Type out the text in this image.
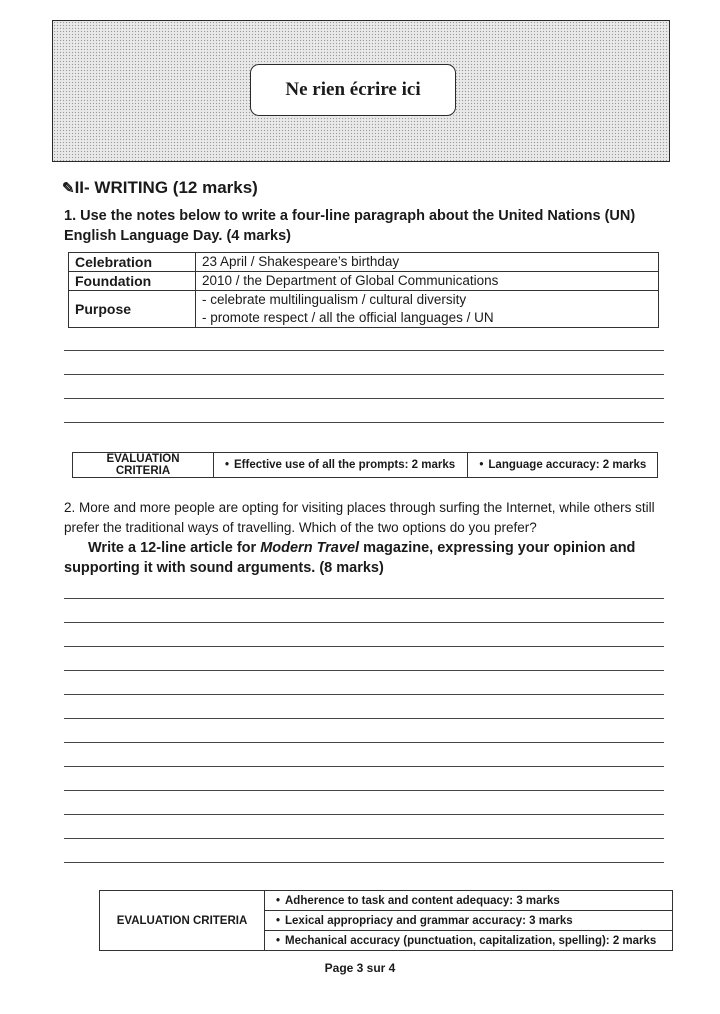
Ne rien écrire ici
✎II- WRITING (12 marks)
1. Use the notes below to write a four-line paragraph about the United Nations (UN) English Language Day. (4 marks)
Celebration	23 April / Shakespeare’s birthday
Foundation	2010 / the Department of Global Communications
Purpose	- celebrate multilingualism / cultural diversity
- promote respect / all the official languages / UN
EVALUATION CRITERIA	• Effective use of all the prompts: 2 marks	• Language accuracy: 2 marks
2. More and more people are opting for visiting places through surfing the Internet, while others still prefer the traditional ways of travelling. Which of the two options do you prefer?
Write a 12-line article for Modern Travel magazine, expressing your opinion and supporting it with sound arguments. (8 marks)
EVALUATION CRITERIA	• Adherence to task and content adequacy: 3 marks
• Lexical appropriacy and grammar accuracy: 3 marks
• Mechanical accuracy (punctuation, capitalization, spelling): 2 marks
Page 3 sur 4
